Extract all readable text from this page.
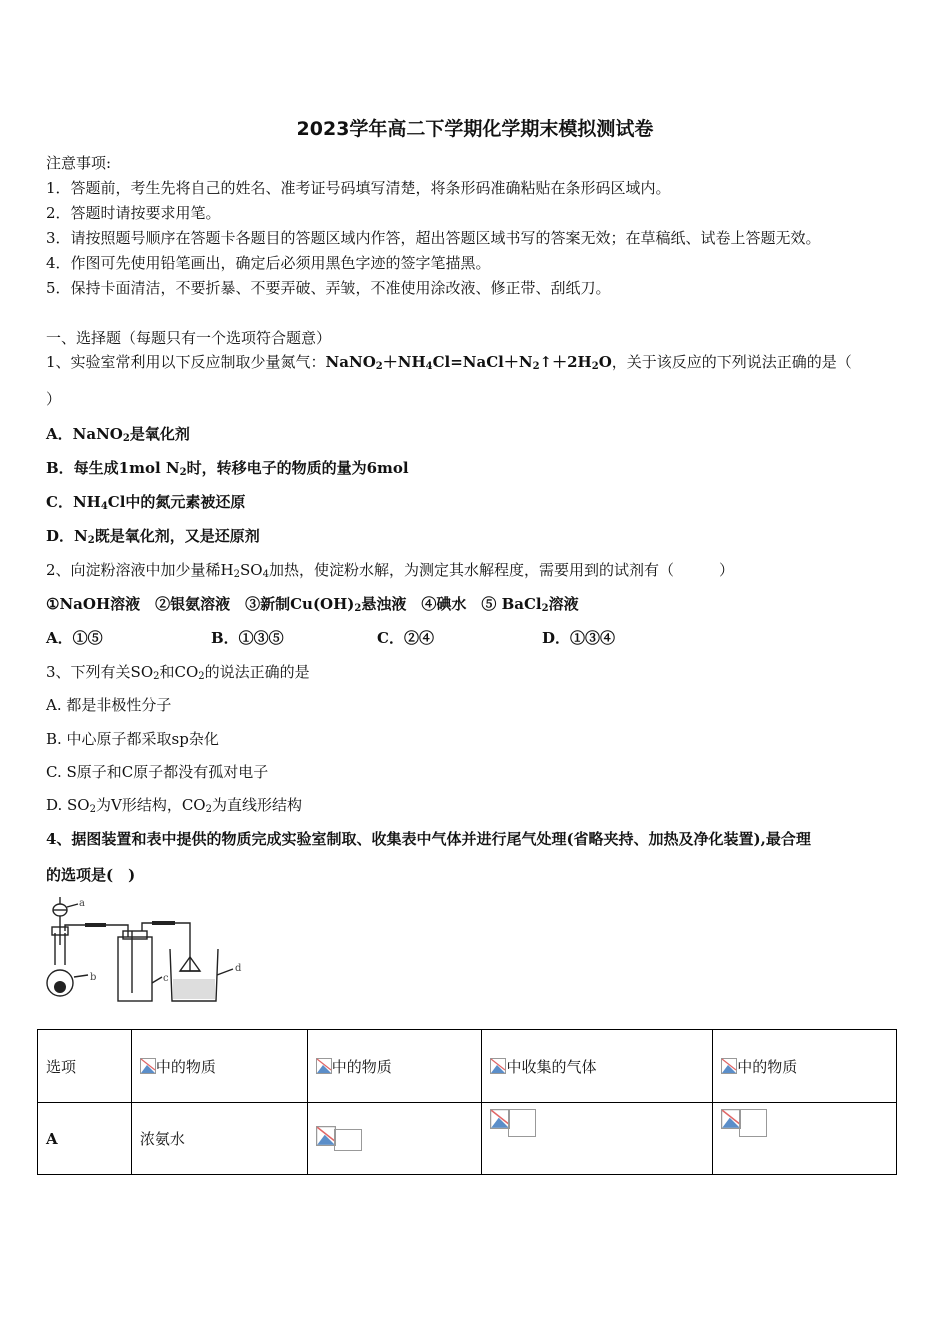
2023学年高二下学期化学期末模拟测试卷
注意事项:
1．答题前，考生先将自己的姓名、准考证号码填写清楚，将条形码准确粘贴在条形码区域内。
2．答题时请按要求用笔。
3．请按照题号顺序在答题卡各题目的答题区域内作答，超出答题区域书写的答案无效；在草稿纸、试卷上答题无效。
4．作图可先使用铅笔画出，确定后必须用黑色字迹的签字笔描黑。
5．保持卡面清洁，不要折暴、不要弄破、弄皱，不准使用涂改液、修正带、刮纸刀。
一、选择题（每题只有一个选项符合题意）
1、实验室常利用以下反应制取少量氮气：$NaNO_2+NH_4Cl=NaCl+N_2↑+2H_2O$，关于该反应的下列说法正确的是（
）
A．NaNO$_2$是氧化剂
B．每生成1mol $N_2$时，转移电子的物质的量为6mol
C．$NH_4Cl$中的氮元素被还原
D．$N_2$既是氧化剂，又是还原剂
2、向淀粉溶液中加少量稀$H_2SO_4$加热，使淀粉水解，为测定其水解程度，需要用到的试剂有（　　　）
①NaOH溶液　②银氨溶液　③新制$Cu(OH)_2$悬浊液　④碘水　⑤ BaCl$_2$溶液
A．①⑤	B．①③⑤	C．②④	D．①③④
3、下列有关$SO_2$和$CO_2$的说法正确的是
A. 都是非极性分子
B. 中心原子都采取sp杂化
C. S原子和C原子都没有孤对电子
D. $SO_2$为V形结构，$CO_2$为直线形结构
4、据图装置和表中提供的物质完成实验室制取、收集表中气体并进行尾气处理(省略夹持、加热及净化装置),最合理
的选项是(　)
a
b	c
d
选项	中的物质	中的物质	中收集的气体	中的物质
A	浓氨水			
